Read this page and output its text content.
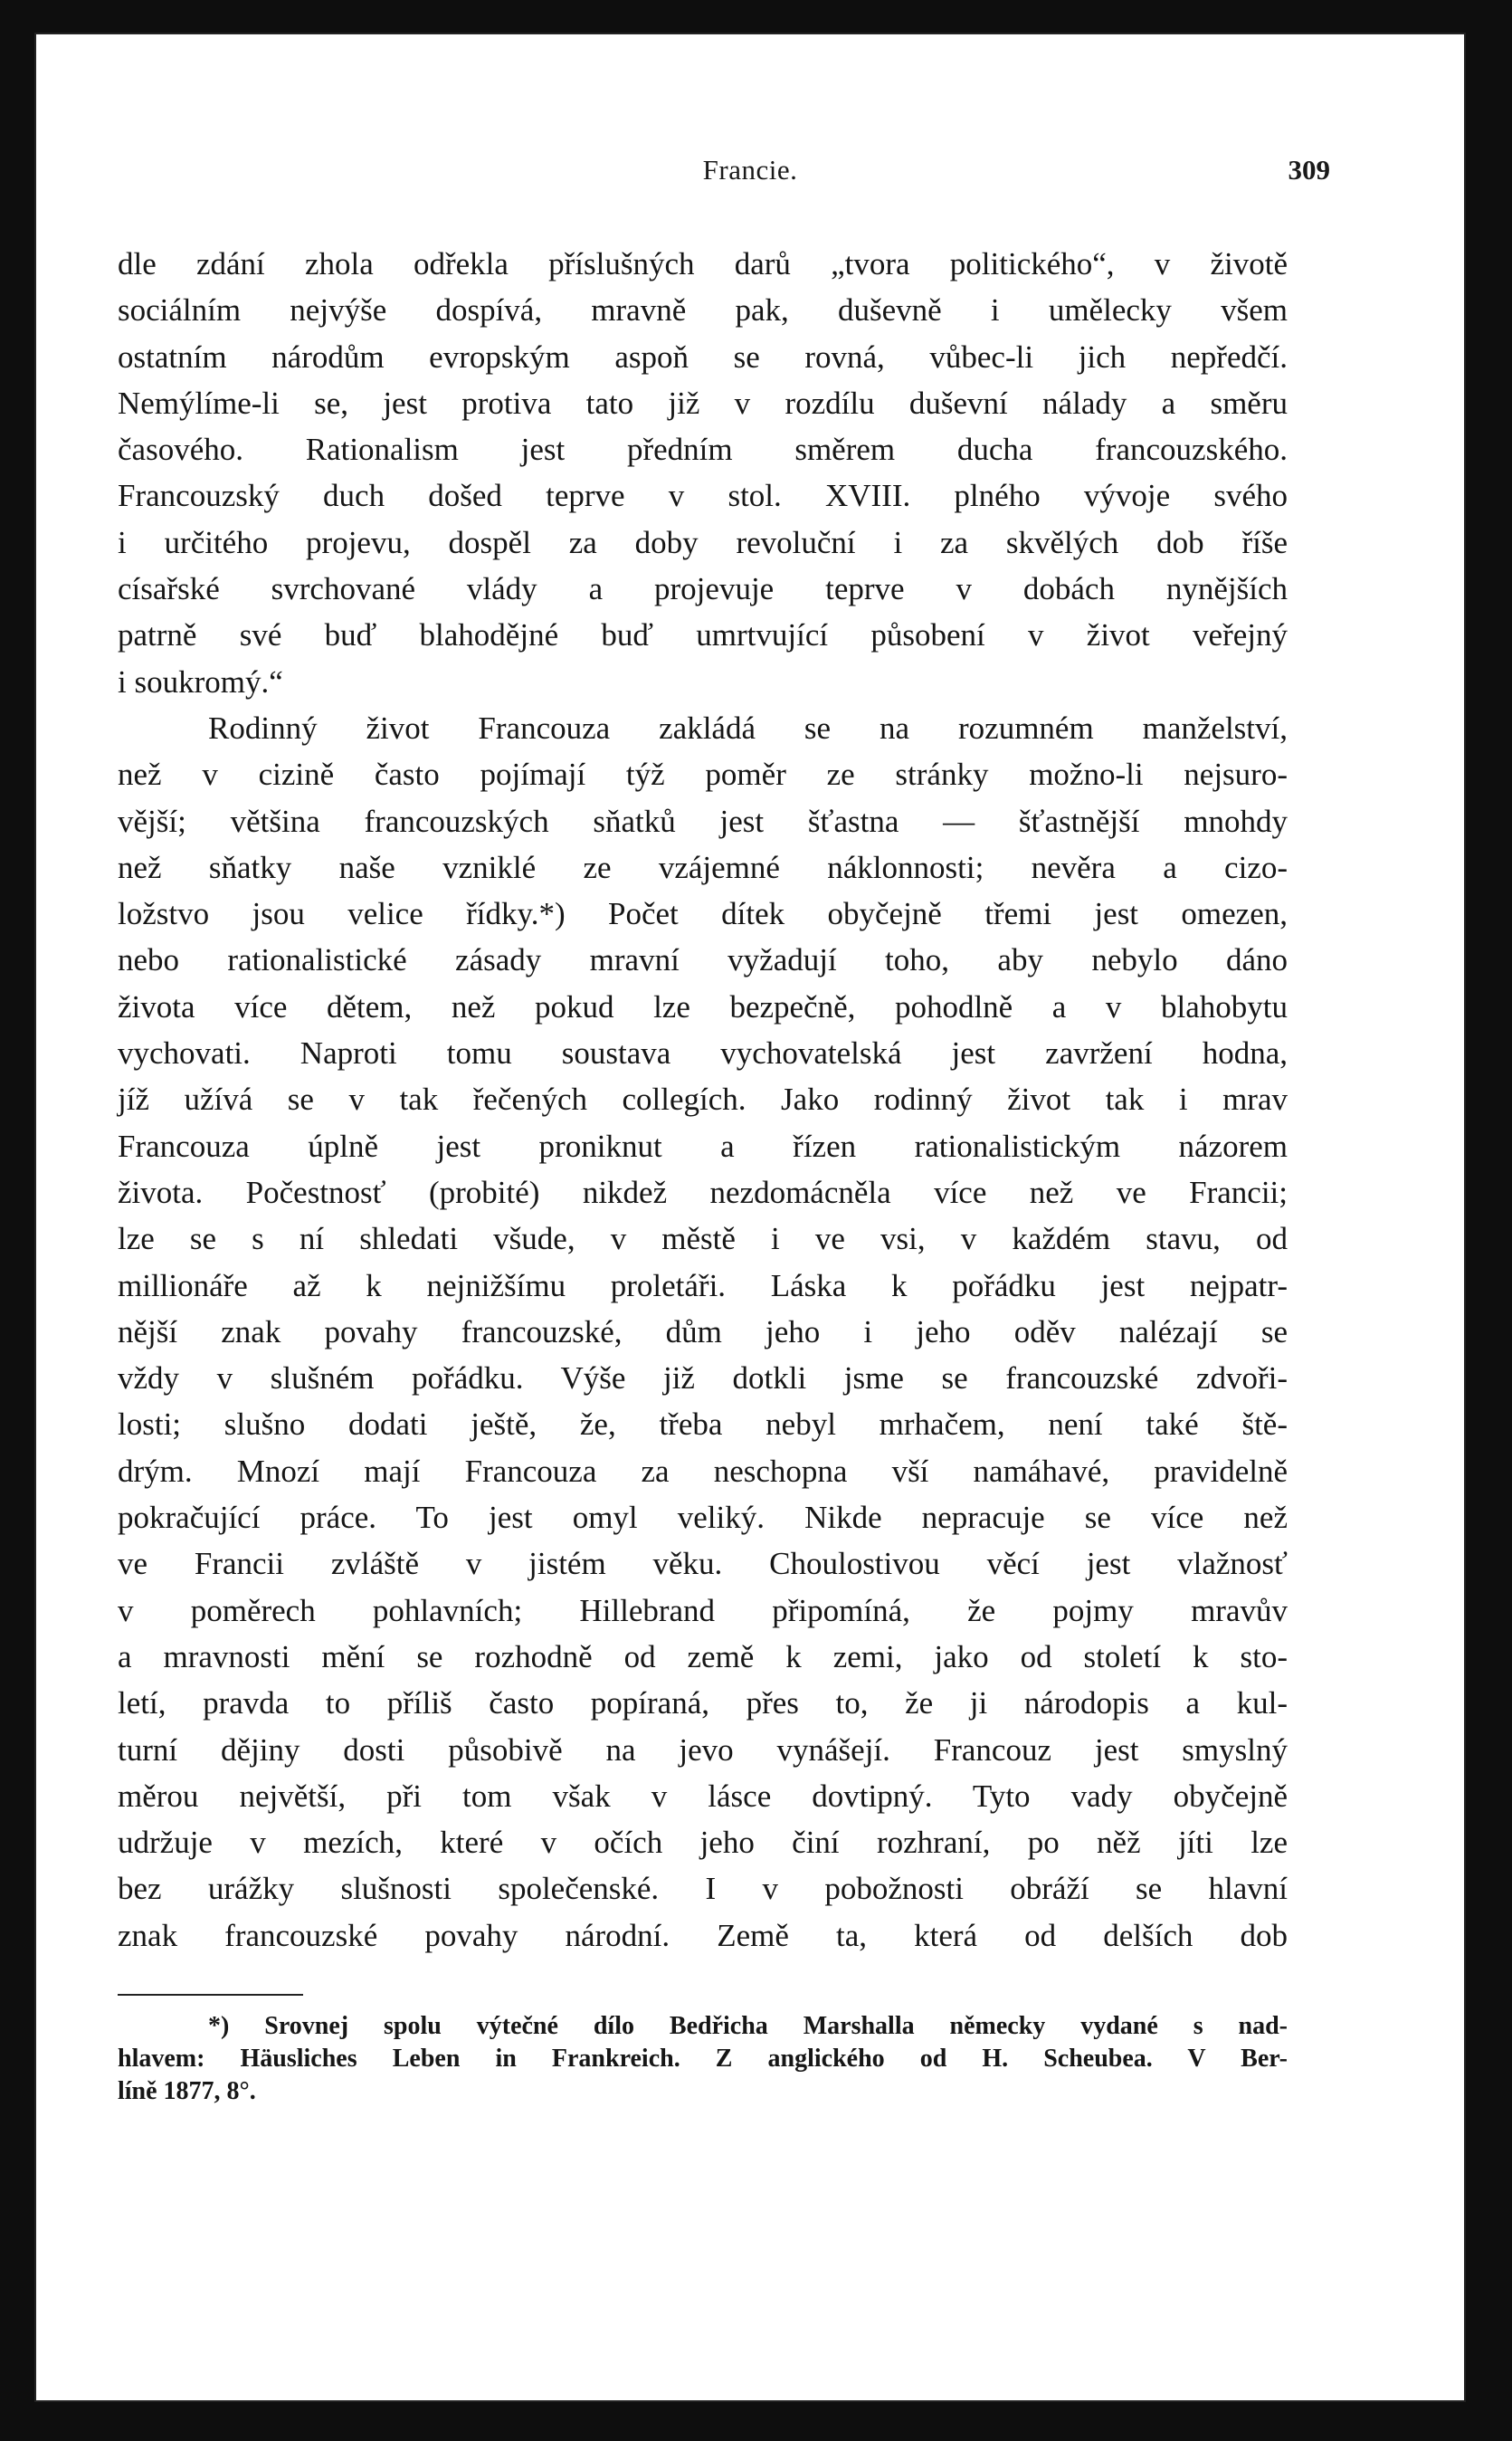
Francie.	309
dle zdání zhola odřekla příslušných darů „tvora politického“, v životě
sociálním nejvýše dospívá, mravně pak, duševně i umělecky všem
ostatním národům evropským aspoň se rovná, vůbec-li jich nepředčí.
Nemýlíme-li se, jest protiva tato již v rozdílu duševní nálady a směru
časového. Rationalism jest předním směrem ducha francouzského.
Francouzský duch došed teprve v stol. XVIII. plného vývoje svého
i určitého projevu, dospěl za doby revoluční i za skvělých dob říše
císařské svrchované vlády a projevuje teprve v dobách nynějších
patrně své buď blahodějné buď umrtvující působení v život veřejný
i soukromý.“
Rodinný život Francouza zakládá se na rozumném manželství,
než v cizině často pojímají týž poměr ze stránky možno-li nejsurо-
vější; většina francouzských sňatků jest šťastna — šťastnější mnohdy
než sňatky naše vzniklé ze vzájemné náklonnosti; nevěra a cizo-
ložstvo jsou velice řídky.*) Počet dítek obyčejně třemi jest omezen,
nebo rationalistické zásady mravní vyžadují toho, aby nebylo dáno
života více dětem, než pokud lze bezpečně, pohodlně a v blahobytu
vychovati. Naproti tomu soustava vychovatelská jest zavržení hodna,
jíž užívá se v tak řečených collegích. Jako rodinný život tak i mrav
Francouza úplně jest proniknut a řízen rationalistickým názorem
života. Počestnosť (probité) nikdež nezdomácněla více než ve Francii;
lze se s ní shledati všude, v městě i ve vsi, v každém stavu, od
millionáře až k nejnižšímu proletáři. Láska k pořádku jest nejpatr-
nější znak povahy francouzské, dům jeho i jeho oděv nalézají se
vždy v slušném pořádku. Výše již dotkli jsme se francouzské zdvoři-
losti; slušno dodati ještě, že, třeba nebyl mrhačem, není také ště-
drým. Mnozí mají Francouza za neschopna vší namáhavé, pravidelně
pokračující práce. To jest omyl veliký. Nikde nepracuje se více než
ve Francii zvláště v jistém věku. Choulostivou věcí jest vlažnosť
v poměrech pohlavních; Hillebrand připomíná, že pojmy mravův
a mravnosti mění se rozhodně od země k zemi, jako od století k sto-
letí, pravda to příliš často popíraná, přes to, že ji národopis a kul-
turní dějiny dosti působivě na jevo vynášejí. Francouz jest smyslný
měrou největší, při tom však v lásce dovtipný. Tyto vady obyčejně
udržuje v mezích, které v očích jeho činí rozhraní, po něž jíti lze
bez urážky slušnosti společenské. I v pobožnosti obráží se hlavní
znak francouzské povahy národní. Země ta, která od delších dob
*) Srovnej spolu výtečné dílo Bedřicha Marshalla německy vydané s nad-
hlavem: Häusliches Leben in Frankreich. Z anglického od H. Scheubea. V Ber-
líně 1877, 8°.
